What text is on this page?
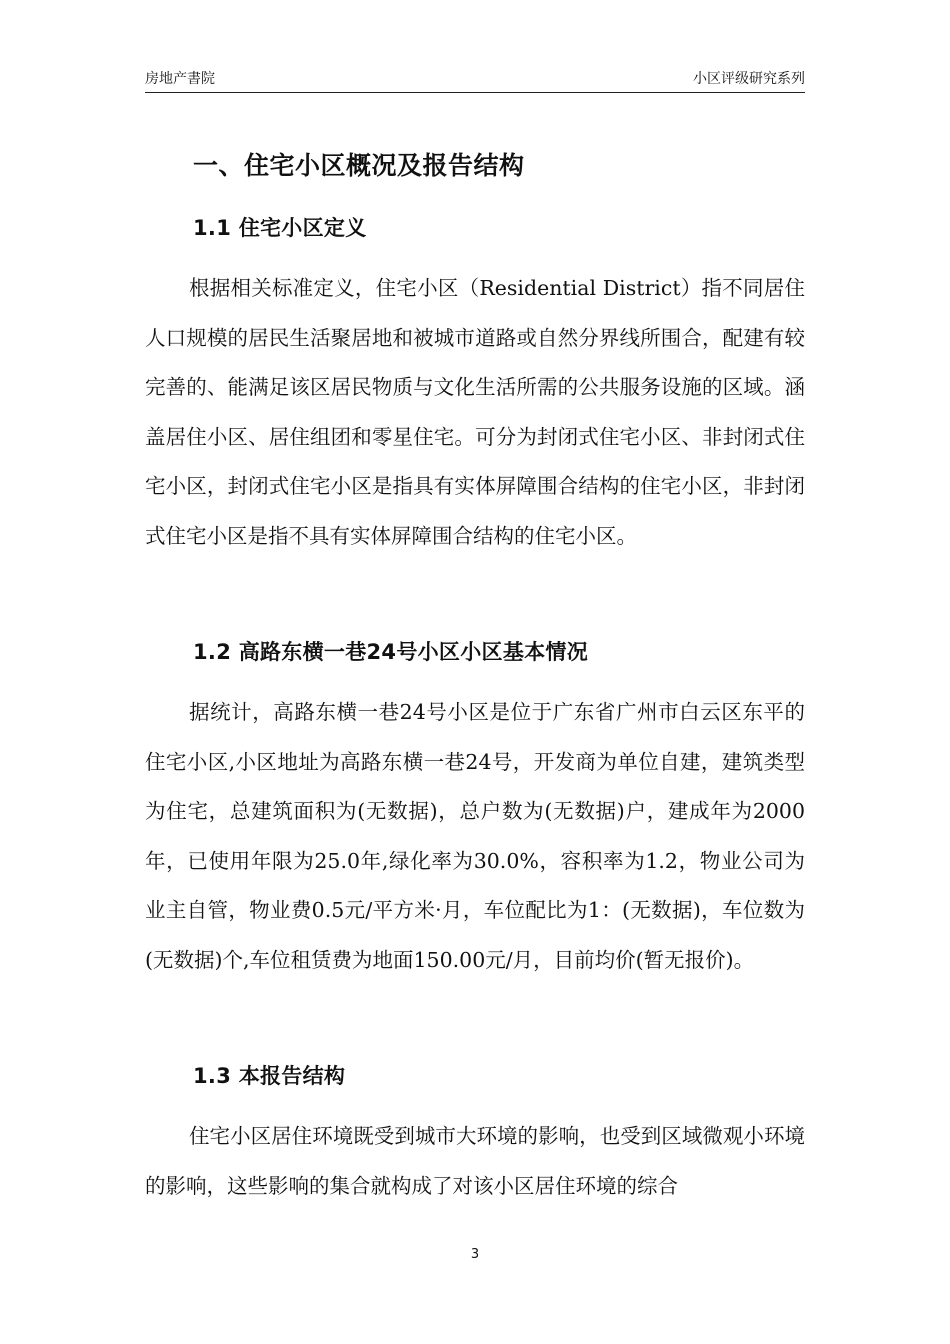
房地产書院	小区评级研究系列
一、住宅小区概况及报告结构
1.1 住宅小区定义

根据相关标准定义，住宅小区（Residential District）指不同居住人口规模的居民生活聚居地和被城市道路或自然分界线所围合，配建有较完善的、能满足该区居民物质与文化生活所需的公共服务设施的区域。涵盖居住小区、居住组团和零星住宅。可分为封闭式住宅小区、非封闭式住宅小区，封闭式住宅小区是指具有实体屏障围合结构的住宅小区，非封闭式住宅小区是指不具有实体屏障围合结构的住宅小区。

1.2 高路东横一巷24号小区小区基本情况

据统计，高路东横一巷24号小区是位于广东省广州市白云区东平的住宅小区,小区地址为高路东横一巷24号，开发商为单位自建，建筑类型为住宅，总建筑面积为(无数据)，总户数为(无数据)户，建成年为2000年，已使用年限为25.0年,绿化率为30.0%，容积率为1.2，物业公司为业主自管，物业费0.5元/平方米·月，车位配比为1：(无数据)，车位数为(无数据)个,车位租赁费为地面150.00元/月，目前均价(暂无报价)。

1.3 本报告结构

住宅小区居住环境既受到城市大环境的影响，也受到区域微观小环境的影响，这些影响的集合就构成了对该小区居住环境的综合

3
